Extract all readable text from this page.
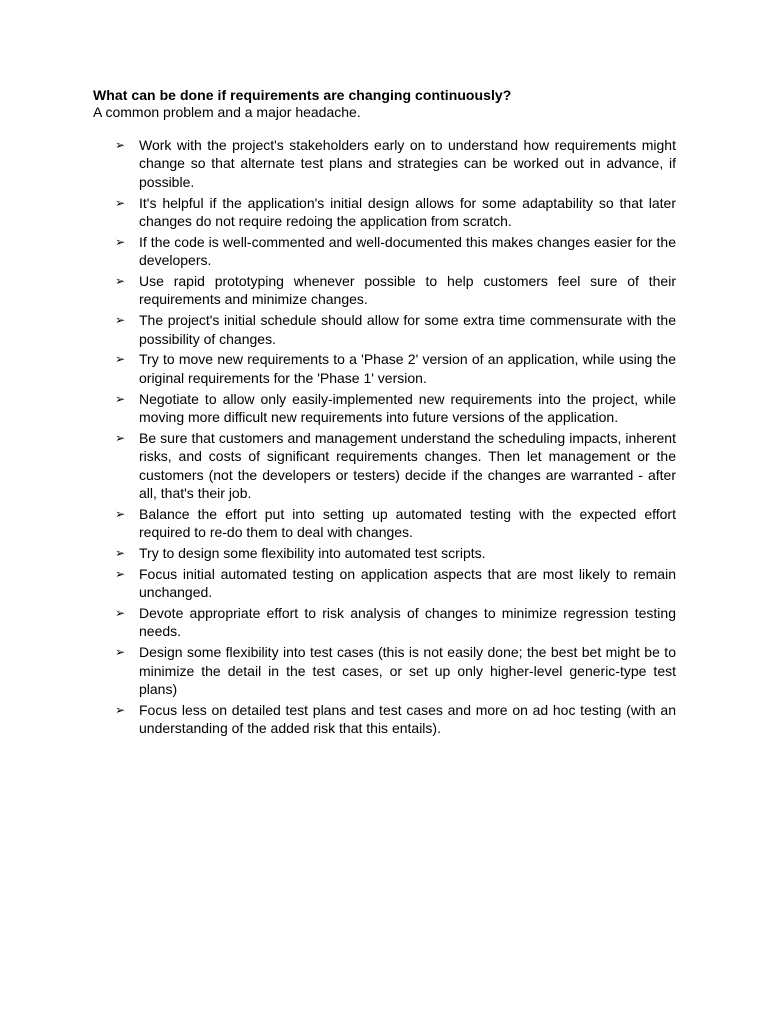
What can be done if requirements are changing continuously?

A common problem and a major headache.

➢ Work with the project's stakeholders early on to understand how requirements might change so that alternate test plans and strategies can be worked out in advance, if possible.
➢ It's helpful if the application's initial design allows for some adaptability so that later changes do not require redoing the application from scratch.
➢ If the code is well-commented and well-documented this makes changes easier for the developers.
➢ Use rapid prototyping whenever possible to help customers feel sure of their requirements and minimize changes.
➢ The project's initial schedule should allow for some extra time commensurate with the possibility of changes.
➢ Try to move new requirements to a 'Phase 2' version of an application, while using the original requirements for the 'Phase 1' version.
➢ Negotiate to allow only easily-implemented new requirements into the project, while moving more difficult new requirements into future versions of the application.
➢ Be sure that customers and management understand the scheduling impacts, inherent risks, and costs of significant requirements changes. Then let management or the customers (not the developers or testers) decide if the changes are warranted - after all, that's their job.
➢ Balance the effort put into setting up automated testing with the expected effort required to re-do them to deal with changes.
➢ Try to design some flexibility into automated test scripts.
➢ Focus initial automated testing on application aspects that are most likely to remain unchanged.
➢ Devote appropriate effort to risk analysis of changes to minimize regression testing needs.
➢ Design some flexibility into test cases (this is not easily done; the best bet might be to minimize the detail in the test cases, or set up only higher-level generic-type test plans)
➢ Focus less on detailed test plans and test cases and more on ad hoc testing (with an understanding of the added risk that this entails).
